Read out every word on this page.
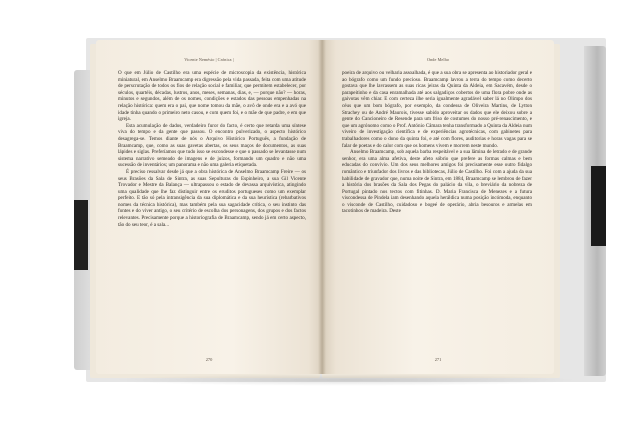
Vicente Nemésio | Crónica |

O que em Júlio de Castilho era uma espécie de microscopia da existência, histórica miniatural, em Anselmo Braamcamp era digressão pela vida passada, feita com uma atitude de perscrutação de todos os fios de relação social e familiar, que permitem estabelecer, por séculos, quartéis, décadas, lustros, anos, meses, semanas, dias, e, — porque não? — horas, minutos e segundos, além de os nomes, condições e estados das pessoas empenhadas na relação histórica: quem era o pai, que nome tomou da mãe, o avô de onde era e a avó que idade tinha quando o primeiro neto casou, e com quem foi, e o mãe de que padre, e em que igreja.

Esta acumulação de dados, verdadeiro furor do facto, é certo que retarda uma síntese viva do tempo e da gente que passou. O encontro pulverizado, o aspecto histórico desagrega-se. Temos diante de nós o Arquivo Histórico Português, a fundação de Braamcamp, que, como as suas gavetas abertas, os seus maços de documentos, as suas lápides e siglas. Preferíamos que tudo isso se escondesse e que o passado se levantasse num sistema narrativo semeado de imagens e de juízos, formando um quadro e não uma sucessão de inventários; um panorama e não uma galeria etiquetada.

É preciso ressalvar desde já que a obra histórica de Anselmo Braamcamp Freire — os seus Brasões da Sala de Sintra, as suas Sepulturas do Espinheiro, a sua Gil Vicente Trovador e Mestre da Balança — ultrapassou o estado de devassa arquivística, atingindo uma qualidade que lhe faz distinguir entre os eruditos portugueses como um exemplar perfeito. E tão só pela intransigência da sua diplomática e da sua heurística (rebarbativos nomes da técnica histórica), mas também pela sua sagacidade crítica, o seu instinto das fontes e do viver antigo, o seu critério de escolha dos personagens, dos grupos e dos factos relevantes. Precisamente porque a historiografia de Braamcamp, sendo já em certo aspecto, tão do seu teor, é a sala...

270
Onde Melho

poeira de arquivo ou velharia assoalhada, é que a sua obra se apresenta ao historiador geral e ao bógrafo como um fundo precioso. Braamcamp lavrou a terra do tempo como decerto gostava que lhe lavrassem as suas ricas jeiras da Quinta da Aldeia, em Sacavém, desde o parapeitinho e da casa enramalhada até aos salgadiços cobertos de uma flora pobre onde as gaivotas vêm chiar. E com certeza ilhe seria igualmente agradável saber lá no Olimpo dos céus que um bom bógrafo, por exemplo, da condessa de Oliveira Martins, de Lytton Strachey ou de André Maurois, tivesse sabido aproveitar os dados que ele deixou sobre a gente do Cancioneiro de Resende para um friso de costumes do nosso pré-renascimento, e que um agrónomo como o Prof. António Câmara tenha transformado a Quinta da Aldeia num viveiro de investigação científica e de experiências agrotécnicas, com gabinetes para trabalhadores como o dono da quinta foi, e até com flores, auditorias e horas vagas para se falar de poetas e do calor com que os homens vivem e morrem neste mundo.

Anselmo Braamcamp, sob aquela barba respeitável e a sua lâmina de letrado e de grande senhor, era uma alma afetiva, deste afeto sóbrio que prefere as formas calmas e bem educadas do convívio. Um dos seus melhores amigos foi precisamente esse outro fidalgo romântico e triunfador dos livros e das bibliotecas, Júlio de Castilho. Foi com a ajuda da sua habilidade de gravador que, numa noite de Sintra, em 1884, Braamcamp se lembrou de fazer a história dos brasões da Sala dos Pegas do palácio da vila, o breviário da nobreza de Portugal pintado nos tectos com fitinhas. D. Maria Francisca de Menezes e a futura viscondessa de Pindela iam desenhando aquela heráldica numa posição incómoda, enquanto o visconde de Castilho, cuidadoso e bogeé de operário, abria besouros e armelas em tacotinhos de madeira. Deste

271
